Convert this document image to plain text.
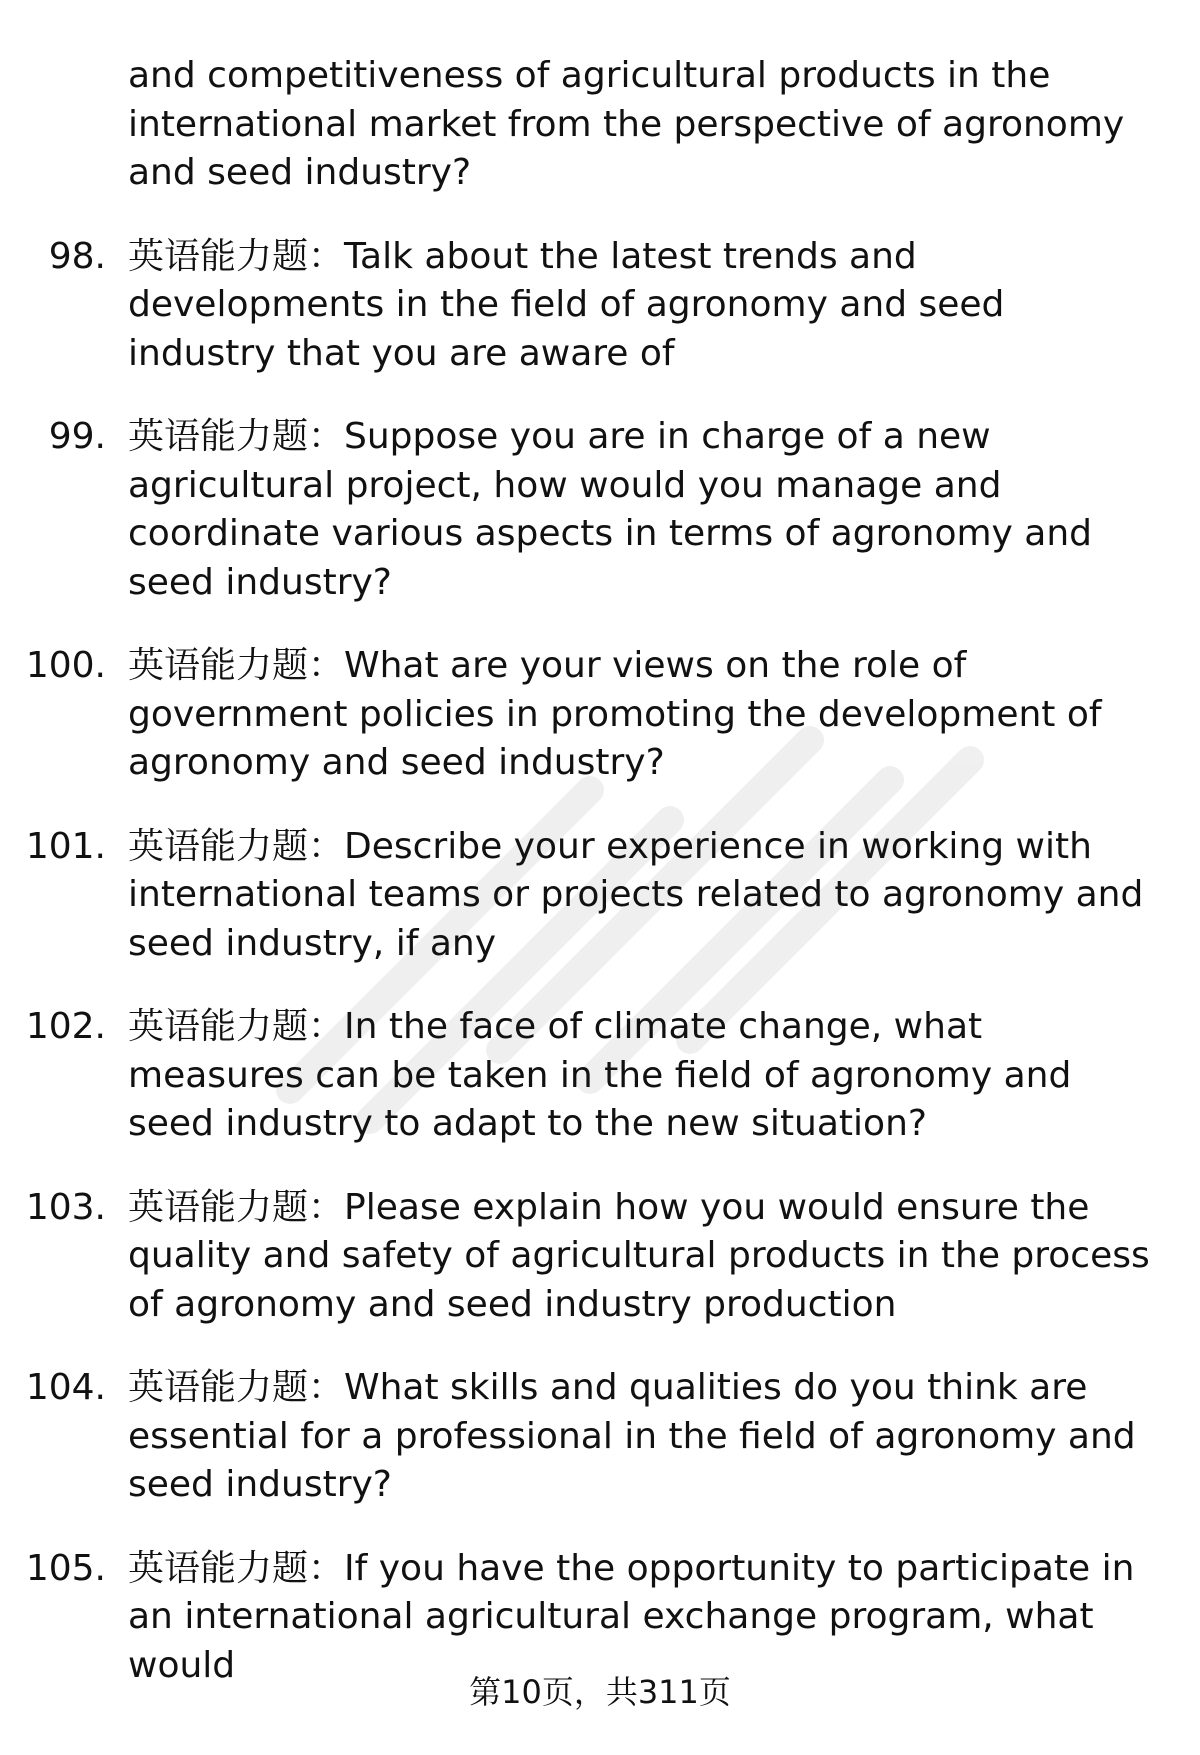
and competitiveness of agricultural products in the international market from the perspective of agronomy and seed industry?
98. 英语能力题：Talk about the latest trends and developments in the field of agronomy and seed industry that you are aware of
99. 英语能力题：Suppose you are in charge of a new agricultural project, how would you manage and coordinate various aspects in terms of agronomy and seed industry?
100. 英语能力题：What are your views on the role of government policies in promoting the development of agronomy and seed industry?
101. 英语能力题：Describe your experience in working with international teams or projects related to agronomy and seed industry, if any
102. 英语能力题：In the face of climate change, what measures can be taken in the field of agronomy and seed industry to adapt to the new situation?
103. 英语能力题：Please explain how you would ensure the quality and safety of agricultural products in the process of agronomy and seed industry production
104. 英语能力题：What skills and qualities do you think are essential for a professional in the field of agronomy and seed industry?
105. 英语能力题：If you have the opportunity to participate in an international agricultural exchange program, what would
第10页，共311页
